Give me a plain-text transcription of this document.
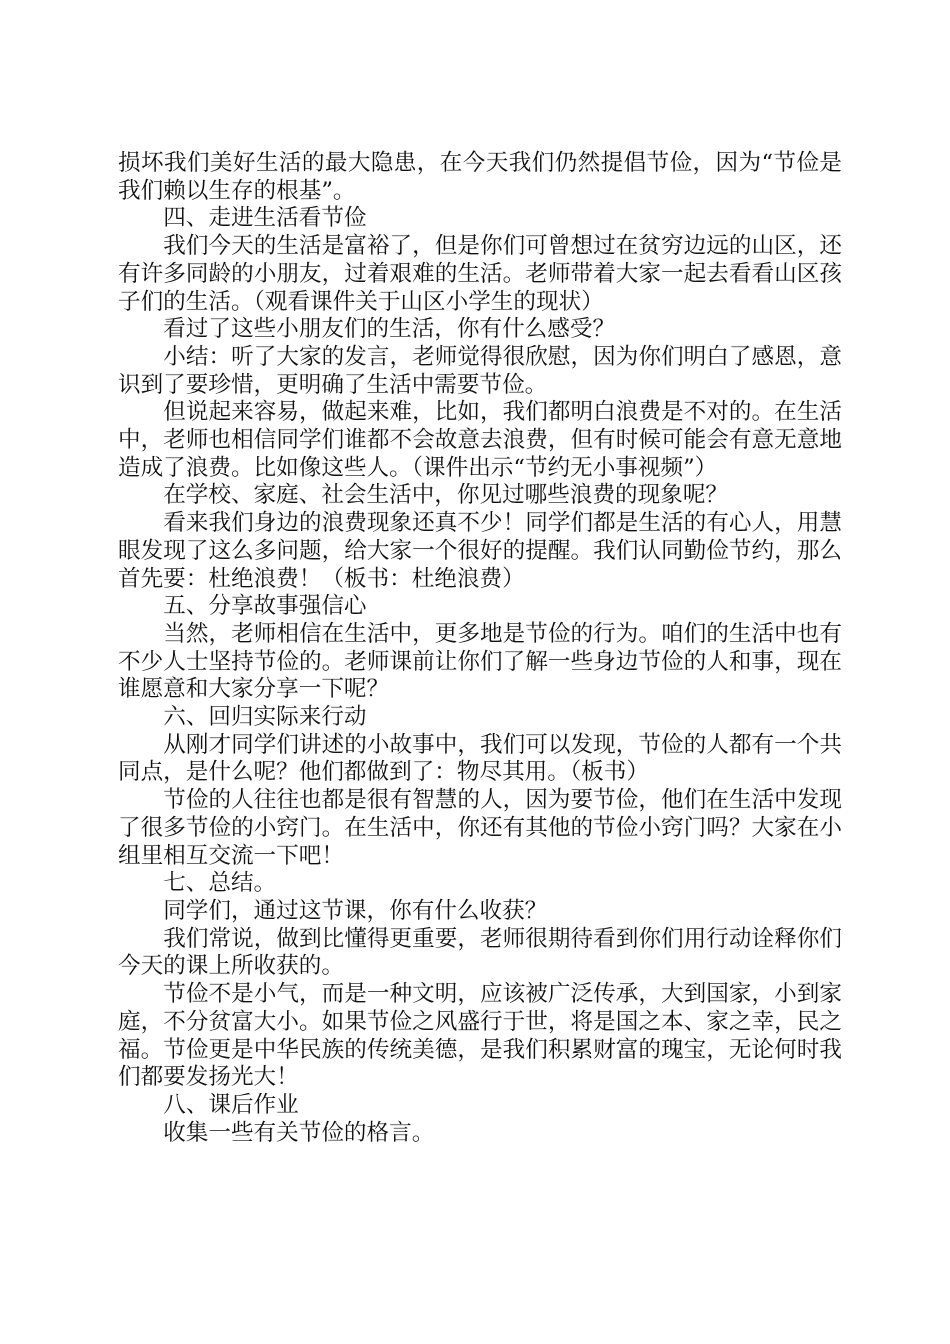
损坏我们美好生活的最大隐患，在今天我们仍然提倡节俭，因为“节俭是我们赖以生存的根基”。

四、走进生活看节俭

我们今天的生活是富裕了，但是你们可曾想过在贫穷边远的山区，还有许多同龄的小朋友，过着艰难的生活。老师带着大家一起去看看山区孩子们的生活。（观看课件关于山区小学生的现状）

看过了这些小朋友们的生活，你有什么感受？

小结：听了大家的发言，老师觉得很欣慰，因为你们明白了感恩，意识到了要珍惜，更明确了生活中需要节俭。

但说起来容易，做起来难，比如，我们都明白浪费是不对的。在生活中，老师也相信同学们谁都不会故意去浪费，但有时候可能会有意无意地造成了浪费。比如像这些人。（课件出示“节约无小事视频”）

在学校、家庭、社会生活中，你见过哪些浪费的现象呢？

看来我们身边的浪费现象还真不少！同学们都是生活的有心人，用慧眼发现了这么多问题，给大家一个很好的提醒。我们认同勤俭节约，那么首先要：杜绝浪费！（板书：杜绝浪费）

五、分享故事强信心

当然，老师相信在生活中，更多地是节俭的行为。咱们的生活中也有不少人士坚持节俭的。老师课前让你们了解一些身边节俭的人和事，现在谁愿意和大家分享一下呢？

六、回归实际来行动

从刚才同学们讲述的小故事中，我们可以发现，节俭的人都有一个共同点，是什么呢？他们都做到了：物尽其用。（板书）

节俭的人往往也都是很有智慧的人，因为要节俭，他们在生活中发现了很多节俭的小窍门。在生活中，你还有其他的节俭小窍门吗？大家在小组里相互交流一下吧！

七、总结。

同学们，通过这节课，你有什么收获？

我们常说，做到比懂得更重要，老师很期待看到你们用行动诠释你们今天的课上所收获的。

节俭不是小气，而是一种文明，应该被广泛传承，大到国家，小到家庭，不分贫富大小。如果节俭之风盛行于世，将是国之本、家之幸，民之福。节俭更是中华民族的传统美德，是我们积累财富的瑰宝，无论何时我们都要发扬光大！

八、课后作业

收集一些有关节俭的格言。
